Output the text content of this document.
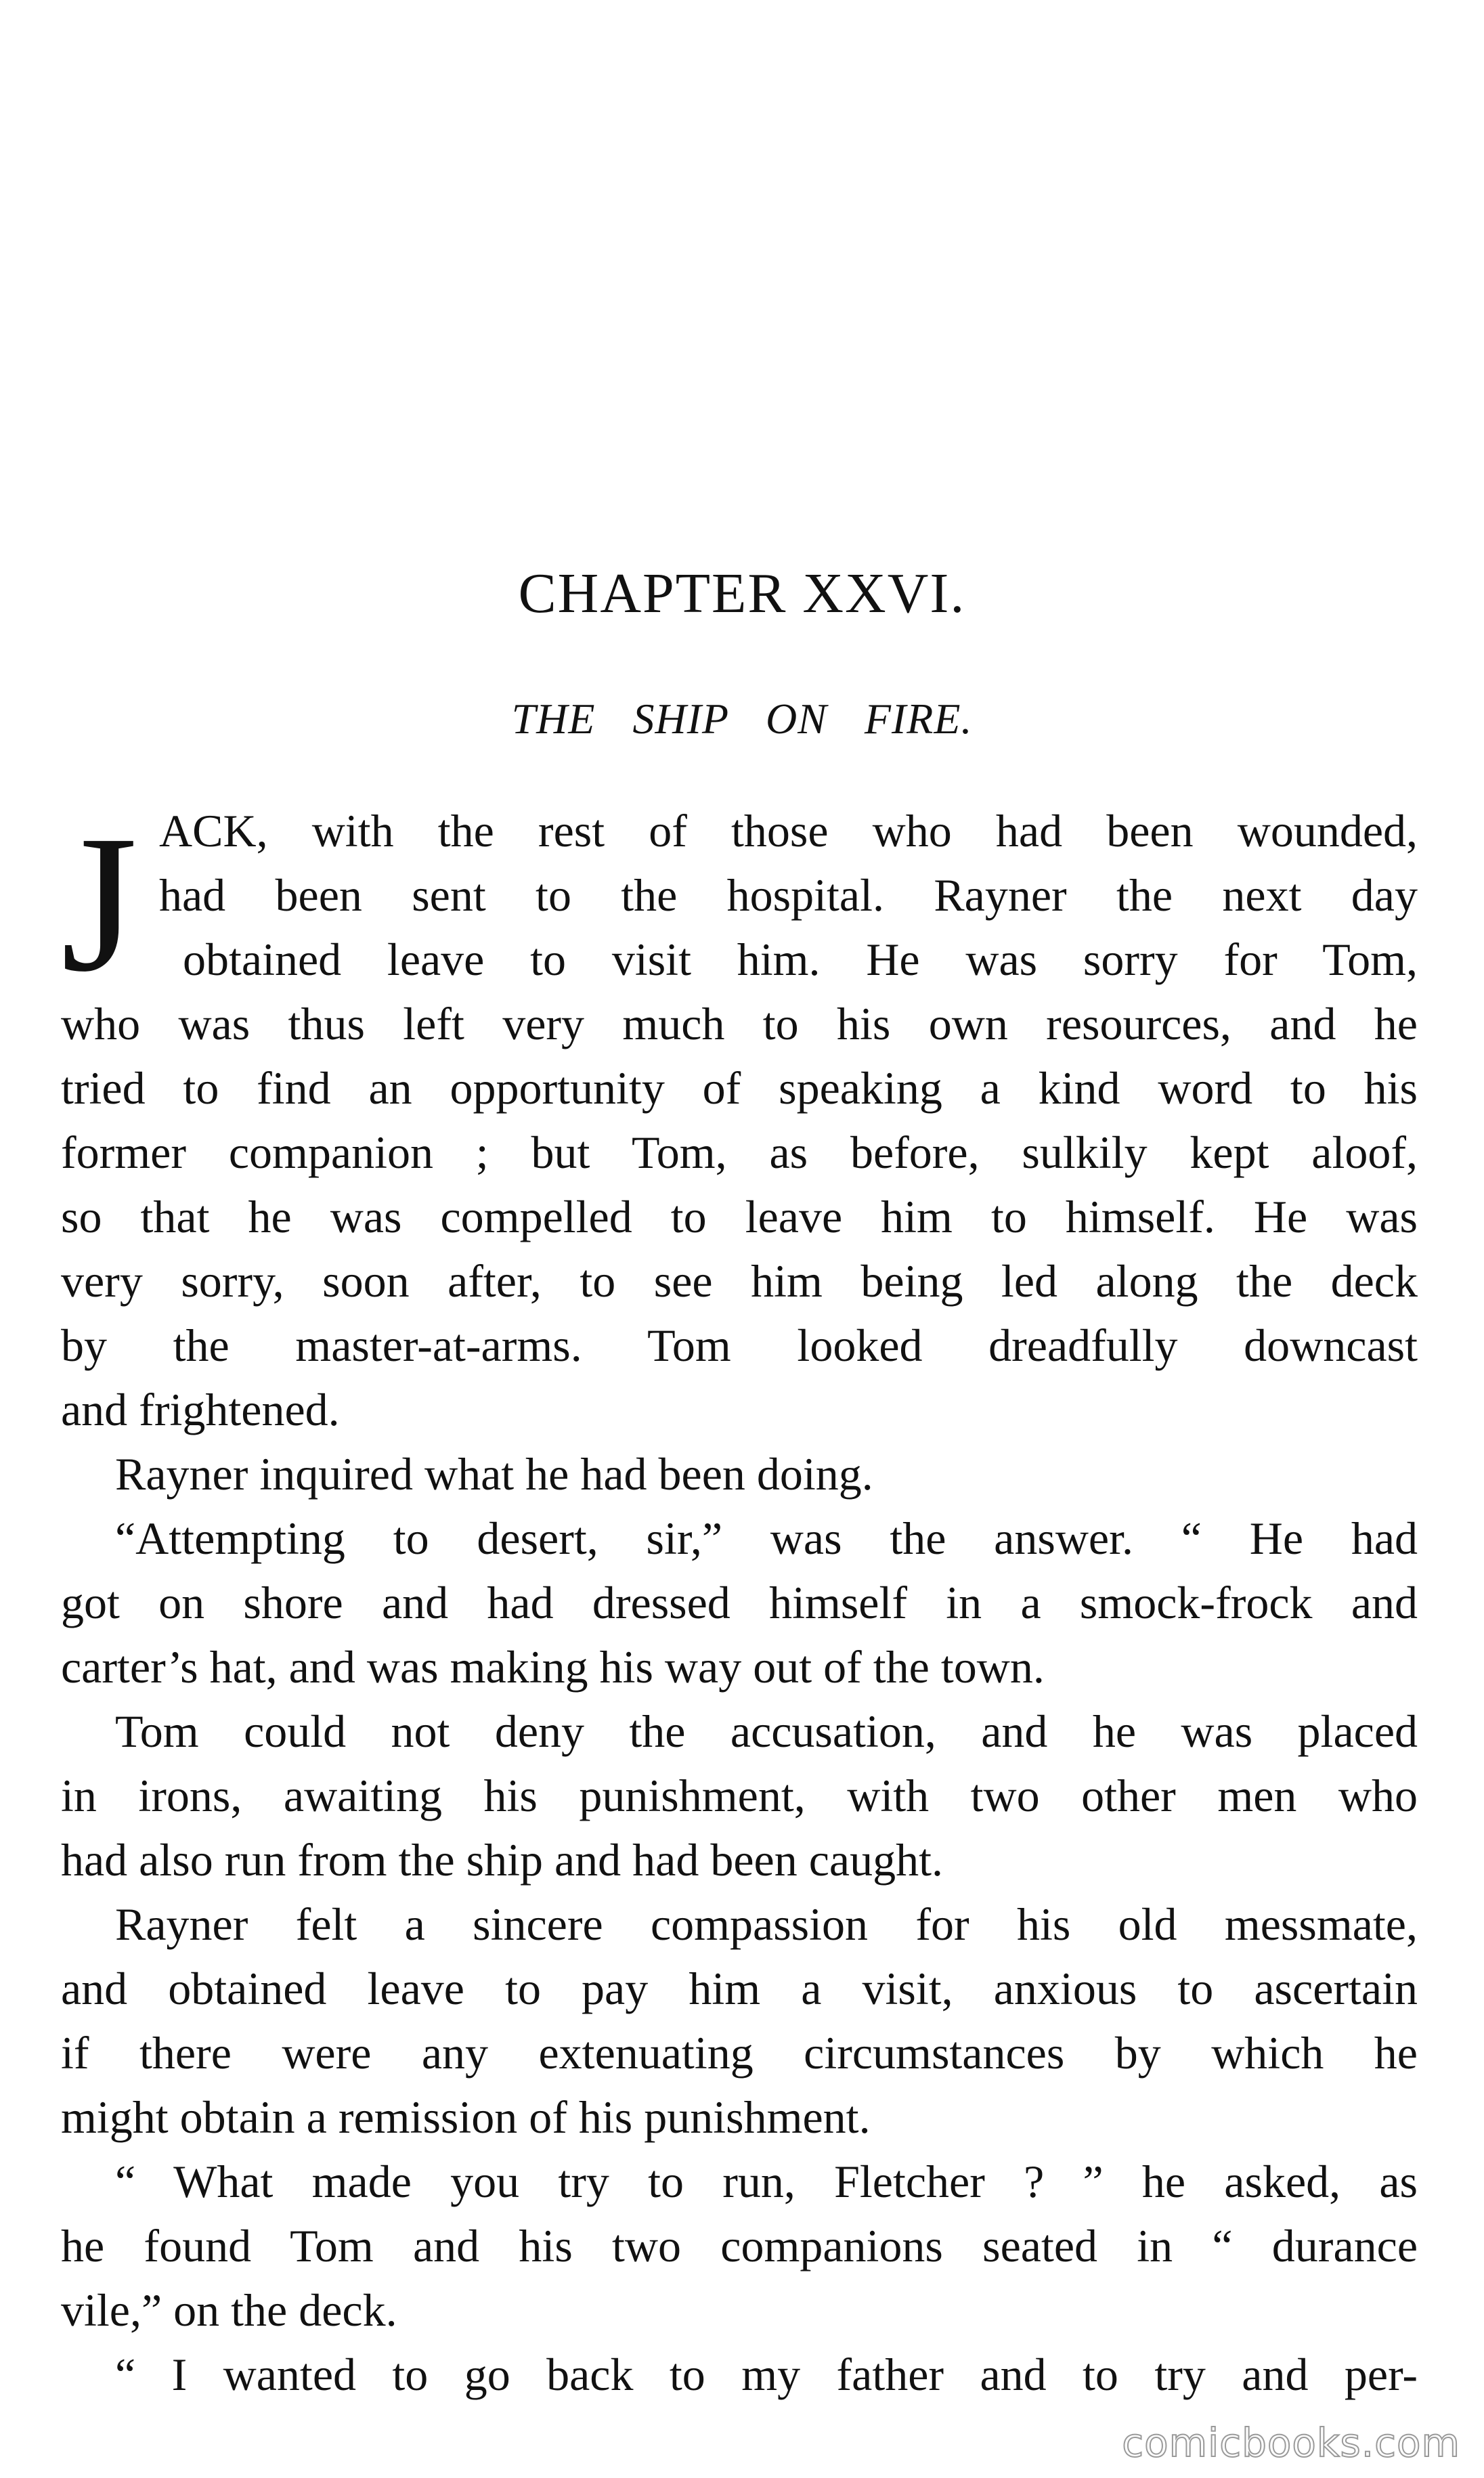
CHAPTER XXVI.
THE SHIP ON FIRE.
J ACK, with the rest of those who had been wounded,
had been sent to the hospital. Rayner the next day
obtained leave to visit him. He was sorry for Tom,
who was thus left very much to his own resources, and he
tried to find an opportunity of speaking a kind word to his
former companion ; but Tom, as before, sulkily kept aloof,
so that he was compelled to leave him to himself. He was
very sorry, soon after, to see him being led along the deck
by the master-at-arms. Tom looked dreadfully downcast
and frightened.
Rayner inquired what he had been doing.
“Attempting to desert, sir,” was the answer. “ He had
got on shore and had dressed himself in a smock-frock and
carter’s hat, and was making his way out of the town.
Tom could not deny the accusation, and he was placed
in irons, awaiting his punishment, with two other men who
had also run from the ship and had been caught.
Rayner felt a sincere compassion for his old messmate,
and obtained leave to pay him a visit, anxious to ascertain
if there were any extenuating circumstances by which he
might obtain a remission of his punishment.
“ What made you try to run, Fletcher ? ” he asked, as
he found Tom and his two companions seated in “ durance
vile,” on the deck.
“ I wanted to go back to my father and to try and per-
comicbooks.com
